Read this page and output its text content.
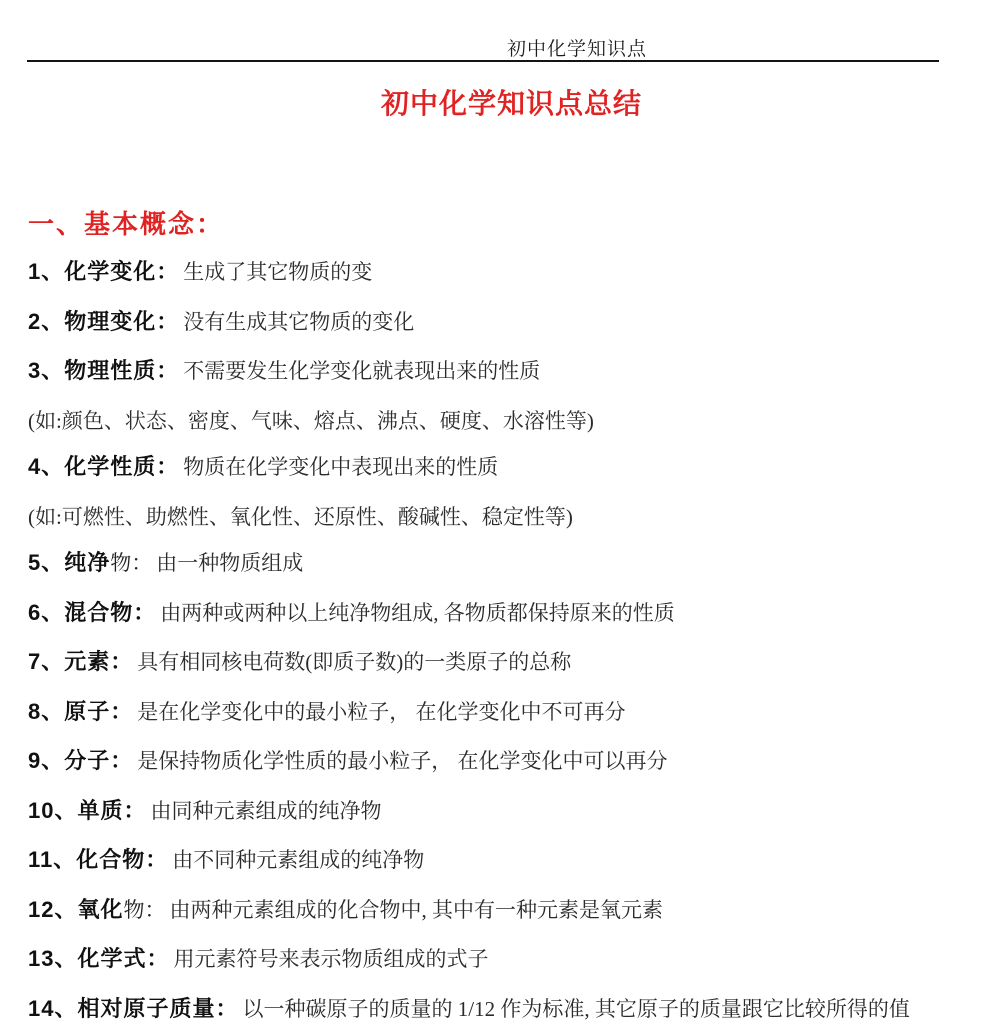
初中化学知识点
初中化学知识点总结
一、基本概念：

1、化学变化： 生成了其它物质的变

2、物理变化： 没有生成其它物质的变化

3、物理性质： 不需要发生化学变化就表现出来的性质

(如:颜色、状态、密度、气味、熔点、沸点、硬度、水溶性等)

4、化学性质： 物质在化学变化中表现出来的性质

(如:可燃性、助燃性、氧化性、还原性、酸碱性、稳定性等)

5、纯净物： 由一种物质组成

6、混合物： 由两种或两种以上纯净物组成, 各物质都保持原来的性质

7、元素： 具有相同核电荷数(即质子数)的一类原子的总称

8、原子： 是在化学变化中的最小粒子， 在化学变化中不可再分

9、分子： 是保持物质化学性质的最小粒子， 在化学变化中可以再分

10、单质： 由同种元素组成的纯净物

11、化合物： 由不同种元素组成的纯净物

12、氧化物： 由两种元素组成的化合物中, 其中有一种元素是氧元素

13、化学式： 用元素符号来表示物质组成的式子

14、相对原子质量： 以一种碳原子的质量的 1/12 作为标准, 其它原子的质量跟它比较所得的值
